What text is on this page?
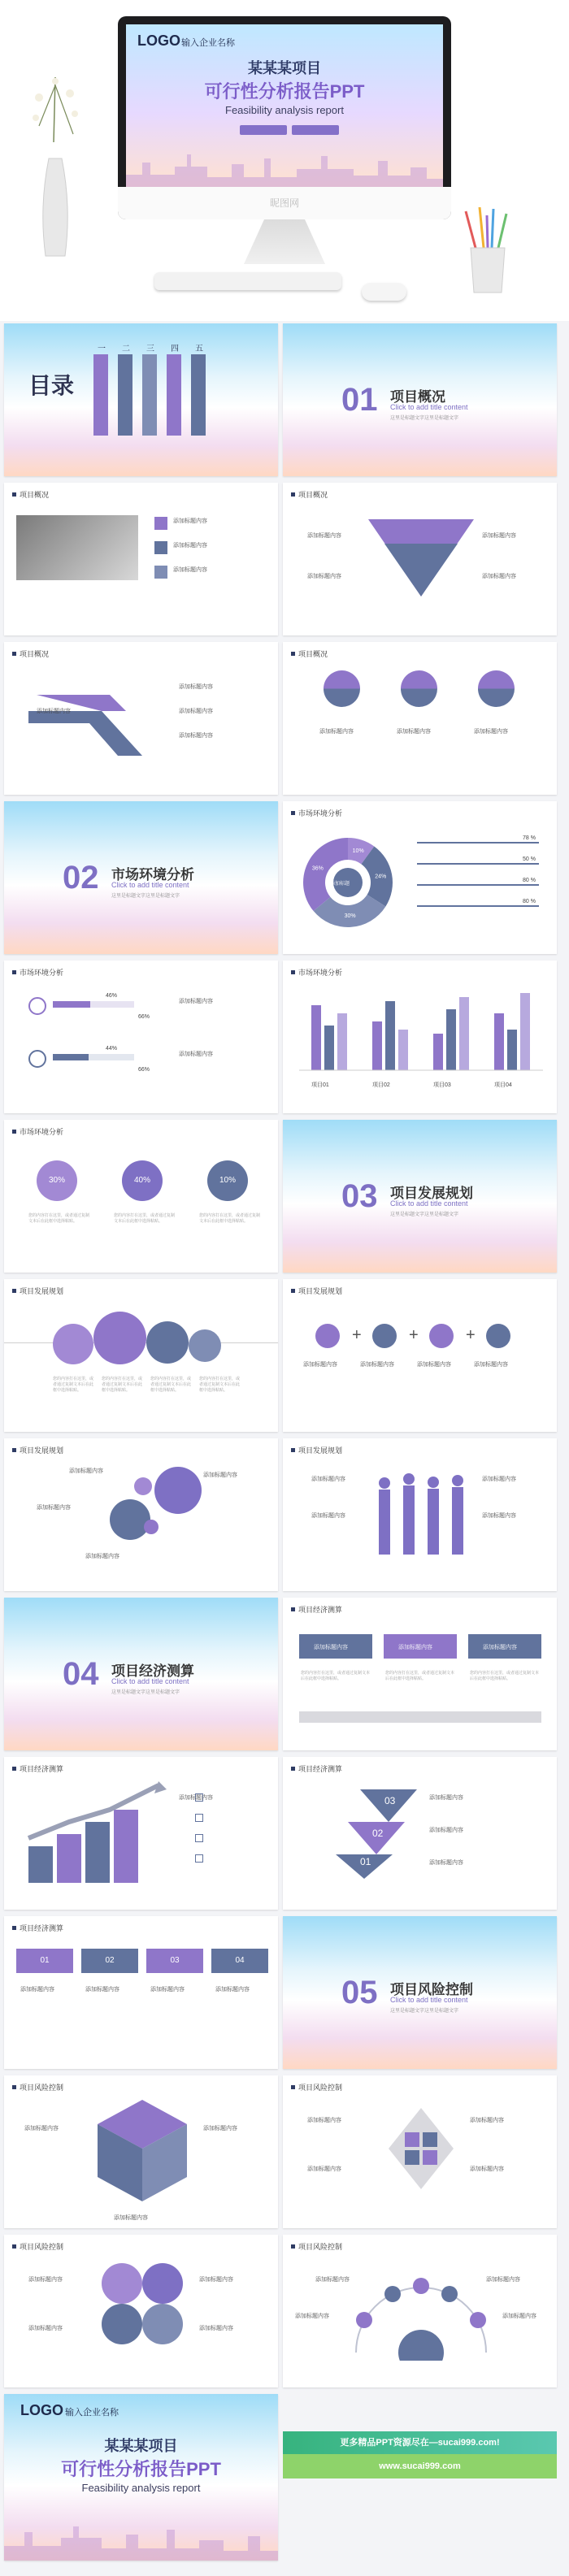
LOGO 输入企业名称
某某某项目
可行性分析报告PPT
Feasibility analysis report
昵图网
目录
一 二 三 四 五
01 项目概况
Click to add title content
这里是标题文字这里是标题文字
项目概况
添加标题内容
添加标题内容
添加标题内容
项目概况
添加标题内容	添加标题内容
添加标题内容	添加标题内容
项目概况
添加标题内容
添加标题内容
添加标题内容
添加标题内容
项目概况
添加标题内容	添加标题内容	添加标题内容
02 市场环境分析
Click to add title content
这里是标题文字这里是标题文字
市场环境分析
10%
24%
30%
36%
添加标题
78 %
50 %
80 %
80 %
市场环境分析
46%
66%
44%
66%
添加标题内容
添加标题内容
市场环境分析
项目01	项目02	项目03	项目04
市场环境分析
30%	40%	10%
您的内容打在这里，或者通过复制文本后在此框中选择粘贴。
您的内容打在这里，或者通过复制文本后在此框中选择粘贴。
您的内容打在这里，或者通过复制文本后在此框中选择粘贴。
03 项目发展规划
Click to add title content
这里是标题文字这里是标题文字
项目发展规划
您的内容打在这里，或者通过复制文本后在此框中选择粘贴。
您的内容打在这里，或者通过复制文本后在此框中选择粘贴。
您的内容打在这里，或者通过复制文本后在此框中选择粘贴。
您的内容打在这里，或者通过复制文本后在此框中选择粘贴。
项目发展规划
+	+	+
添加标题内容	添加标题内容	添加标题内容	添加标题内容
项目发展规划
添加标题内容
添加标题内容
添加标题内容
添加标题内容
项目发展规划
添加标题内容
添加标题内容
添加标题内容
添加标题内容
04 项目经济测算
Click to add title content
这里是标题文字这里是标题文字
项目经济测算
添加标题内容	添加标题内容	添加标题内容
您的内容打在这里，或者通过复制文本后在此框中选择粘贴。
您的内容打在这里，或者通过复制文本后在此框中选择粘贴。
您的内容打在这里，或者通过复制文本后在此框中选择粘贴。
项目经济测算
添加标题内容
项目经济测算
03
02
01
添加标题内容
添加标题内容
添加标题内容
项目经济测算
01	02	03	04
添加标题内容	添加标题内容	添加标题内容	添加标题内容	05 项目风险控制
Click to add title content
这里是标题文字这里是标题文字
项目风险控制
添加标题内容	添加标题内容
添加标题内容
项目风险控制
添加标题内容	添加标题内容
添加标题内容	添加标题内容
项目风险控制
添加标题内容	添加标题内容
添加标题内容	添加标题内容
项目风险控制
添加标题内容	添加标题内容
添加标题内容	添加标题内容
LOGO 输入企业名称
某某某项目
可行性分析报告PPT
Feasibility analysis report
更多精品PPT资源尽在—sucai999.com!
www.sucai999.com
